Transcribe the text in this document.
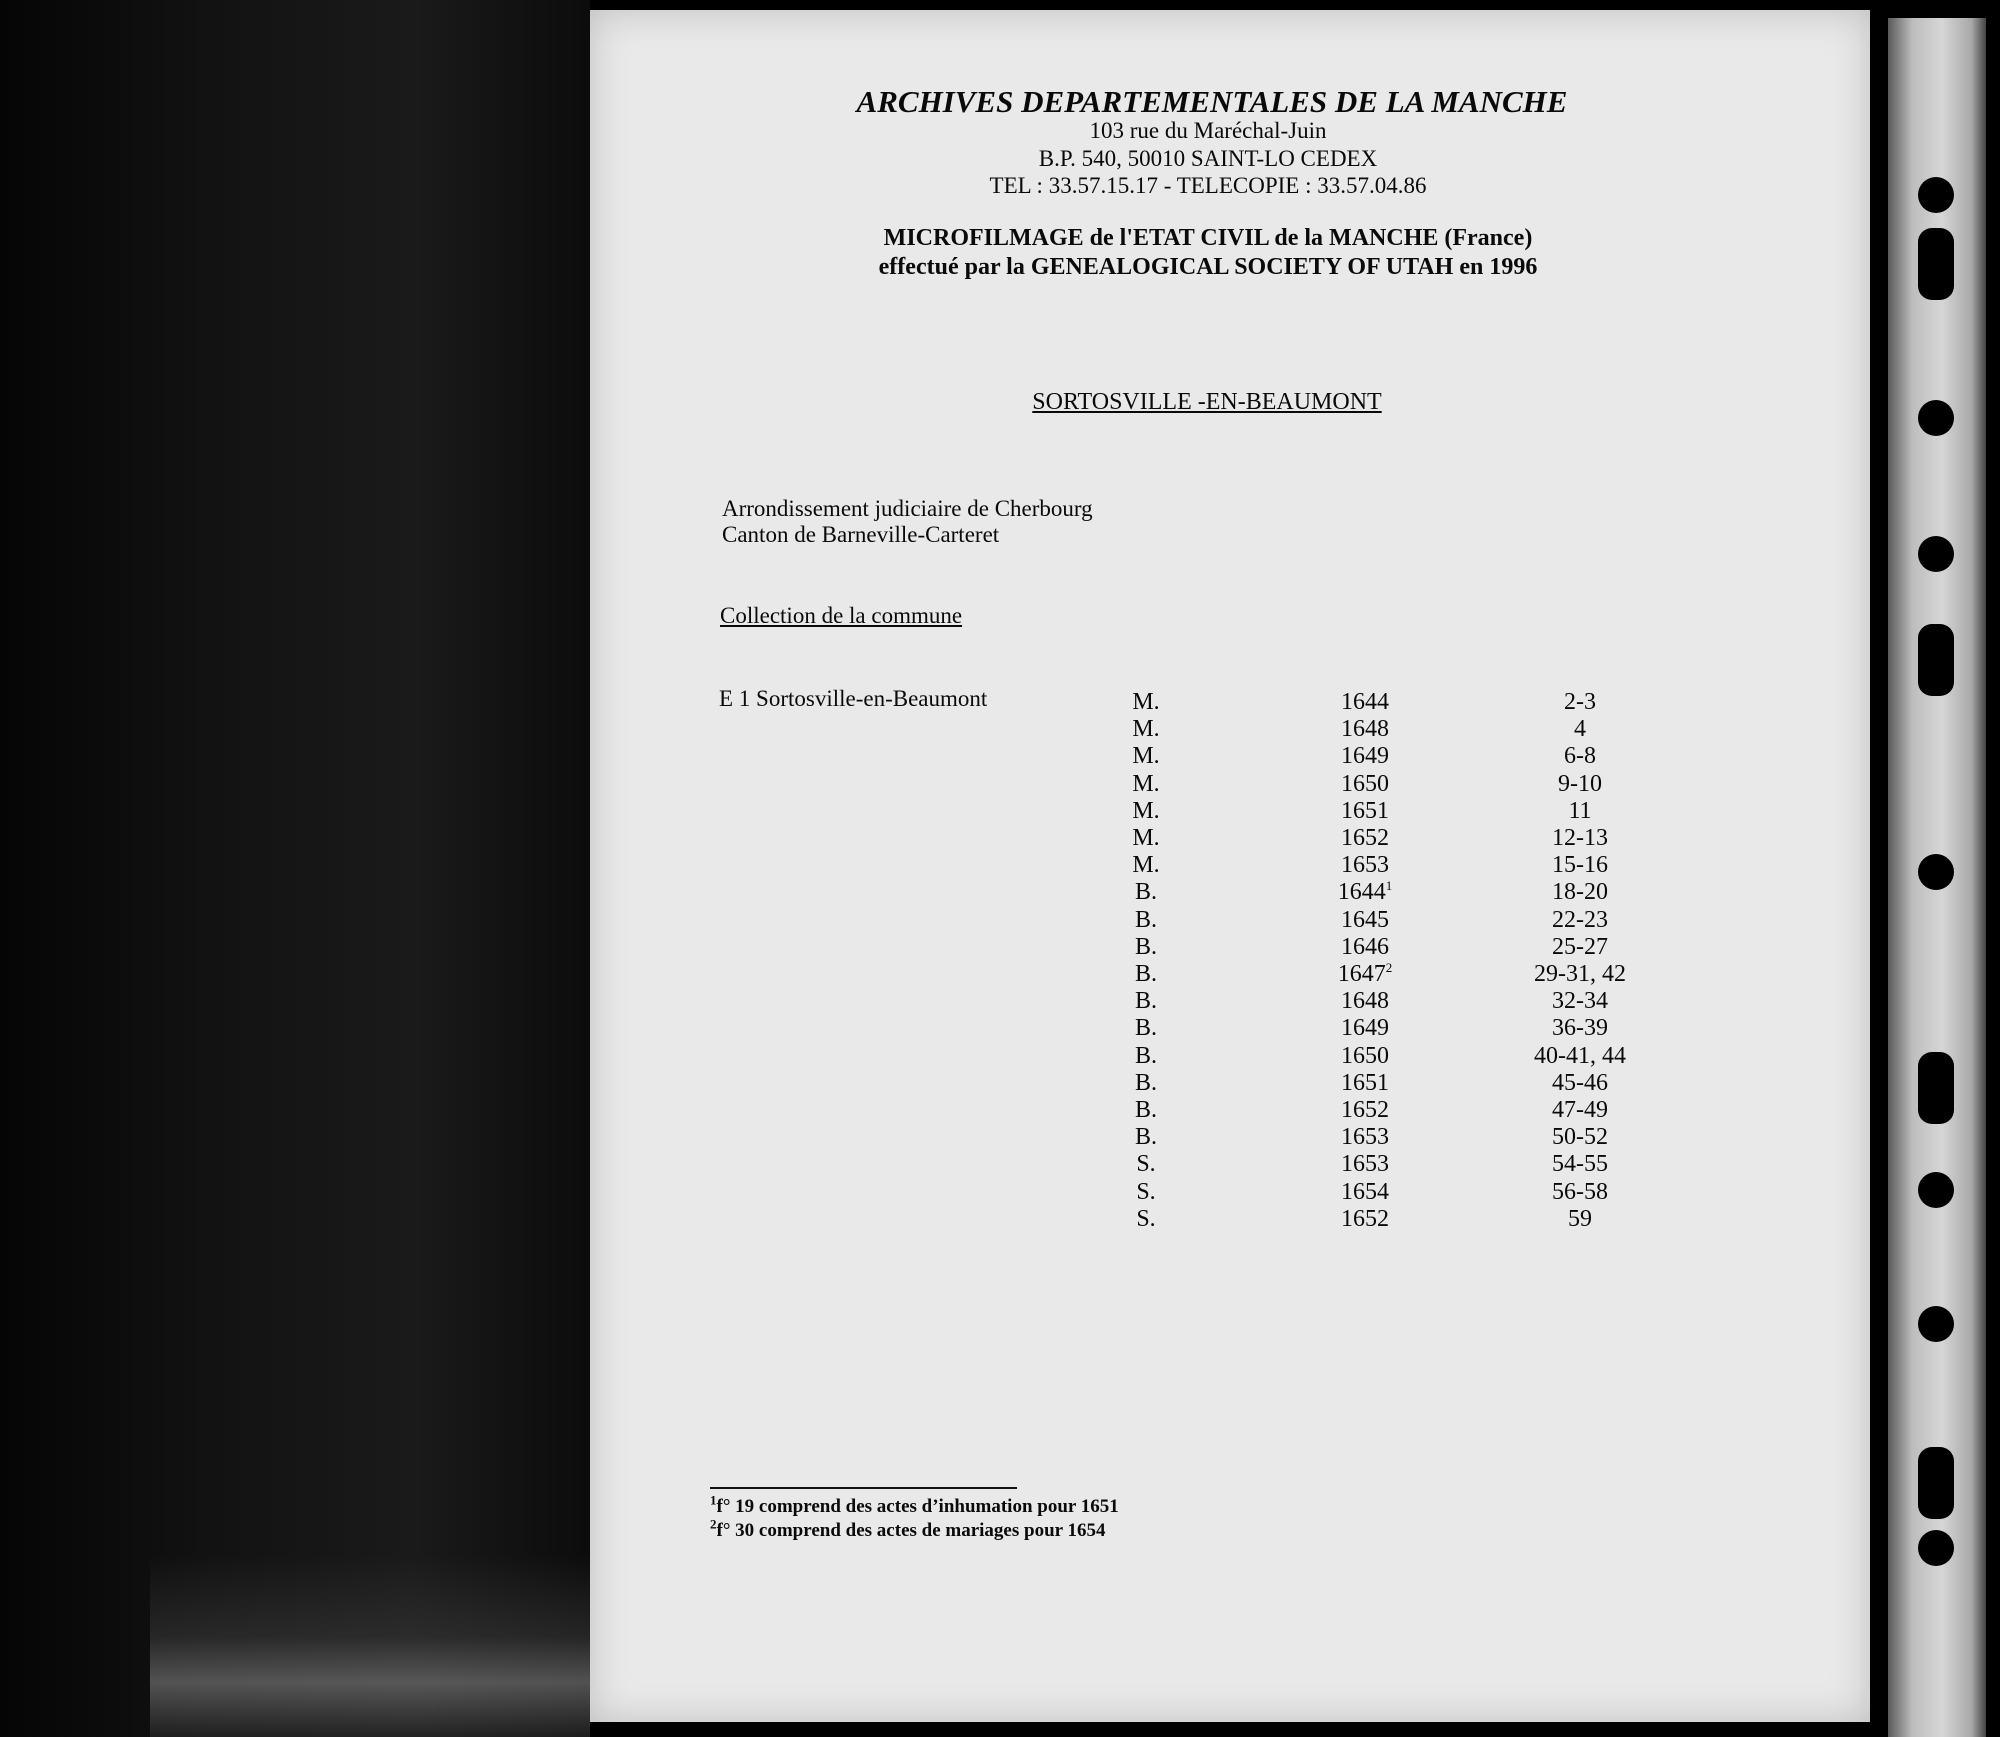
ARCHIVES DEPARTEMENTALES DE LA MANCHE
103 rue du Maréchal-Juin
B.P. 540, 50010 SAINT-LO CEDEX
TEL : 33.57.15.17 - TELECOPIE : 33.57.04.86
MICROFILMAGE de l'ETAT CIVIL de la MANCHE (France)
effectué par la GENEALOGICAL SOCIETY OF UTAH en 1996
SORTOSVILLE -EN-BEAUMONT
Arrondissement judiciaire de Cherbourg
Canton de Barneville-Carteret
Collection de la commune
E 1 Sortosville-en-Beaumont	M.	1644	2-3
M.	1648	4
M.	1649	6-8
M.	1650	9-10
M.	1651	11
M.	1652	12-13
M.	1653	15-16
B.	1644$^1$	18-20
B.	1645	22-23
B.	1646	25-27
B.	1647$^2$	29-31, 42
B.	1648	32-34
B.	1649	36-39
B.	1650	40-41, 44
B.	1651	45-46
B.	1652	47-49
B.	1653	50-52
S.	1653	54-55
S.	1654	56-58
S.	1652	59
$^1$f° 19 comprend des actes d’inhumation pour 1651
$^2$f° 30 comprend des actes de mariages pour 1654
